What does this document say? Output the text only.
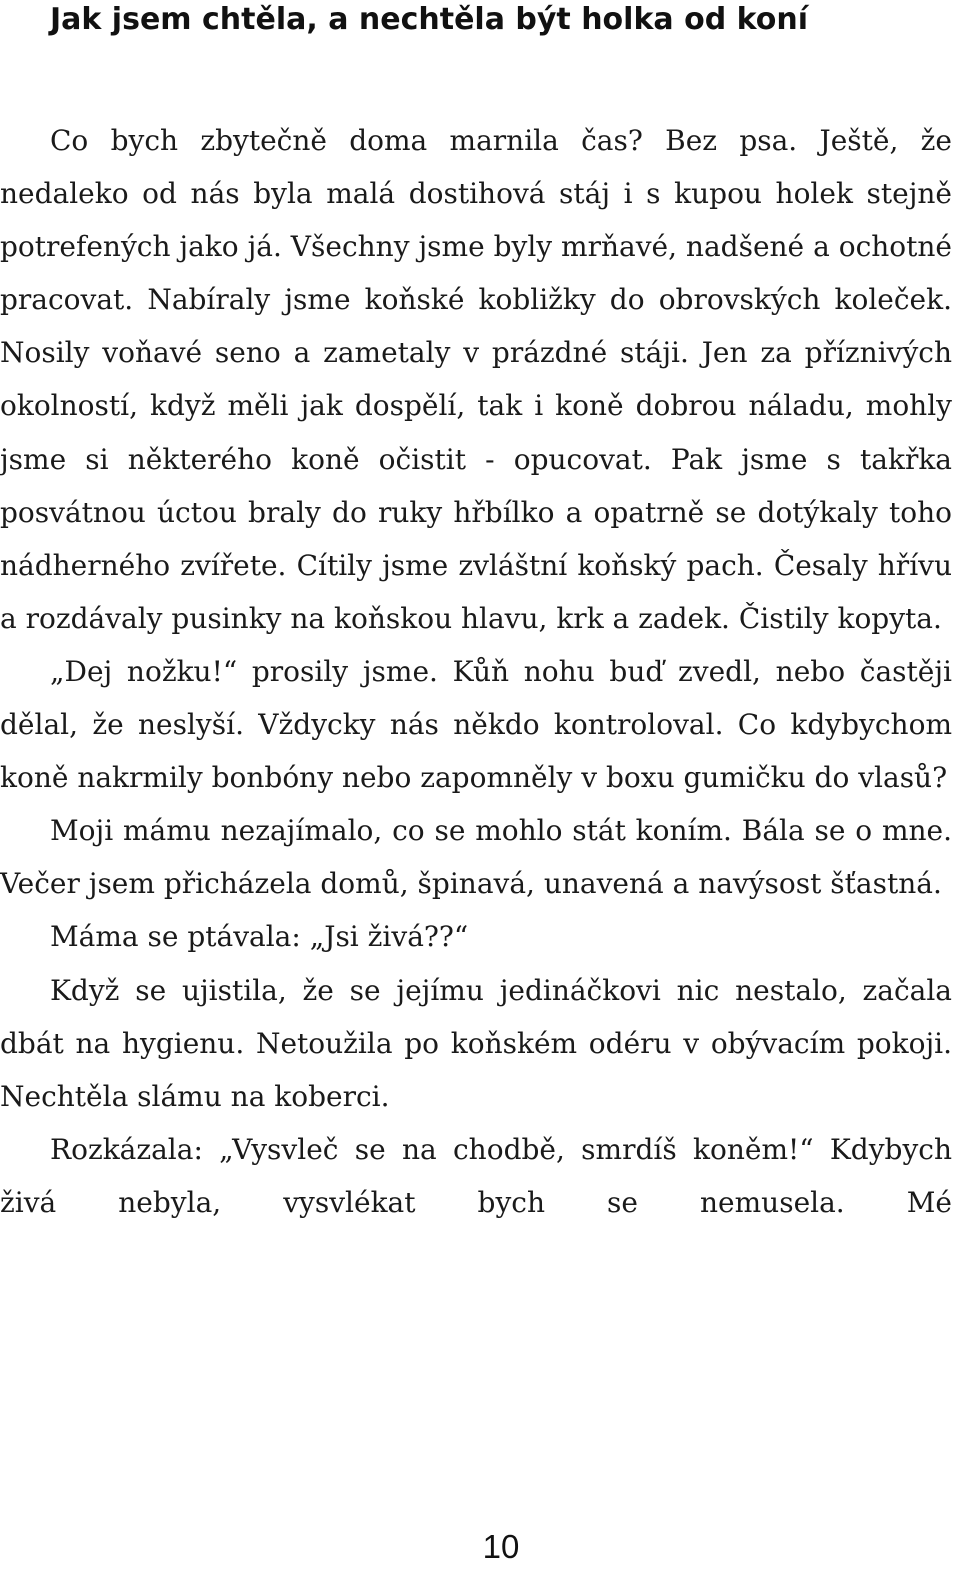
Jak jsem chtěla, a nechtěla být holka od koní

Co bych zbytečně doma marnila čas? Bez psa. Ještě, že nedaleko od nás byla malá dostihová stáj i s kupou holek stejně potrefených jako já. Všechny jsme byly mrňavé, nadšené a ochotné pracovat. Nabíraly jsme koňské kobližky do obrovských koleček. Nosily voňavé seno a zametaly v prázdné stáji. Jen za příznivých okolností, když měli jak dospělí, tak i koně dobrou náladu, mohly jsme si některého koně očistit - opucovat. Pak jsme s takřka posvátnou úctou braly do ruky hřbílko a opatrně se dotýkaly toho nádherného zvířete. Cítily jsme zvláštní koňský pach. Česaly hřívu a rozdávaly pusinky na koňskou hlavu, krk a zadek. Čistily kopyta.

„Dej nožku!“ prosily jsme. Kůň nohu buď zvedl, nebo častěji dělal, že neslyší. Vždycky nás někdo kontroloval. Co kdybychom koně nakrmily bonbóny nebo zapomněly v boxu gumičku do vlasů?

Moji mámu nezajímalo, co se mohlo stát koním. Bála se o mne. Večer jsem přicházela domů, špinavá, unavená a navýsost šťastná.

Máma se ptávala: „Jsi živá??“

Když se ujistila, že se jejímu jedináčkovi nic nestalo, začala dbát na hygienu. Netoužila po koňském odéru v obývacím pokoji. Nechtěla slámu na koberci.

Rozkázala: „Vysvleč se na chodbě, smrdíš koněm!“ Kdybych živá nebyla, vysvlékat bych se nemusela. Mé

10
